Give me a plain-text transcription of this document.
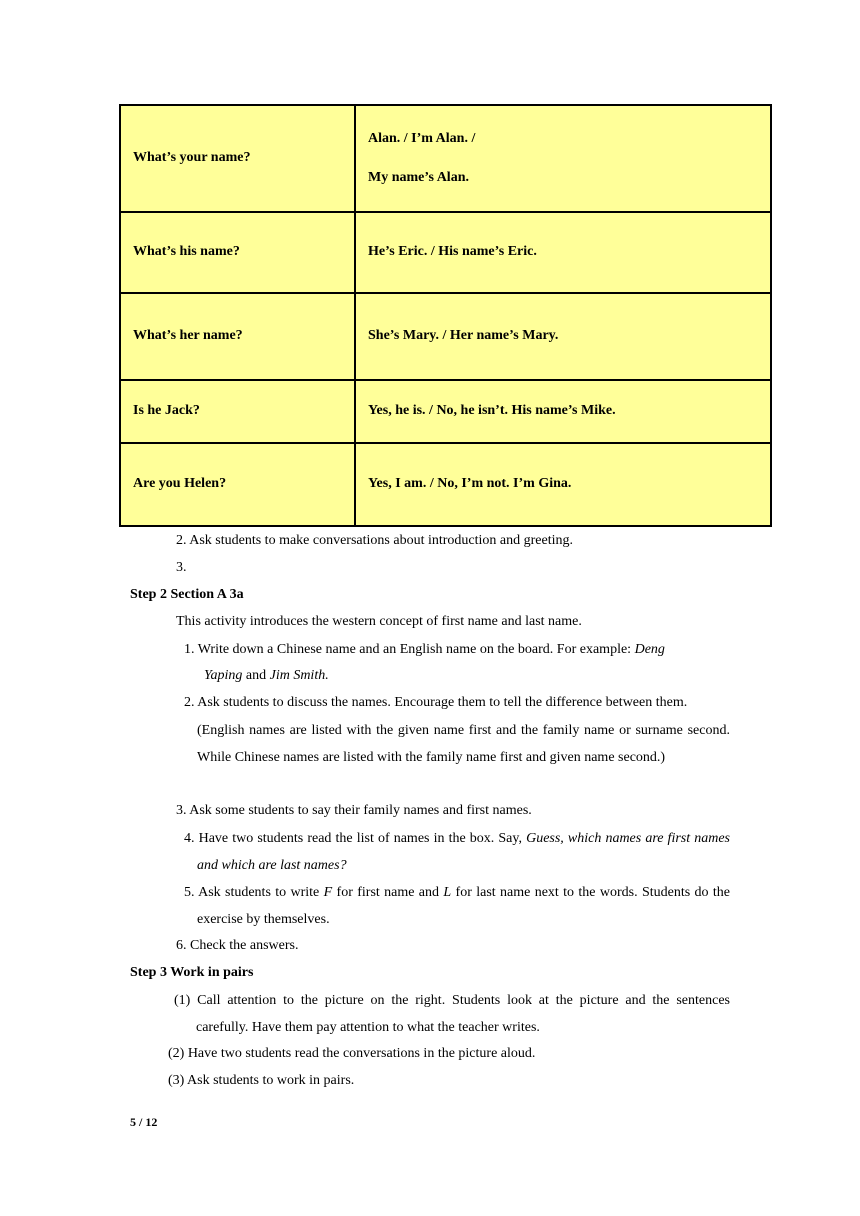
What’s your name?	Alan. / I’m Alan. /
My name’s Alan.

What’s his name?	He’s Eric. / His name’s Eric.
What’s her name?	She’s Mary. / Her name’s Mary.
Is he Jack?	Yes, he is. / No, he isn’t. His name’s Mike.
Are you Helen?	Yes, I am. / No, I’m not. I’m Gina.
2. Ask students to make conversations about introduction and greeting.
3.
Step 2 Section A 3a
This activity introduces the western concept of first name and last name.
1. Write down a Chinese name and an English name on the board. For example: Deng
Yaping and Jim Smith.
2. Ask students to discuss the names. Encourage them to tell the difference between them.
(English names are listed with the given name first and the family name or surname second. While Chinese names are listed with the family name first and given name second.)
3. Ask some students to say their family names and first names.
4. Have two students read the list of names in the box. Say, Guess, which names are first names and which are last names?
5. Ask students to write F for first name and L for last name next to the words. Students do the exercise by themselves.
6. Check the answers.
Step 3 Work in pairs
(1) Call attention to the picture on the right. Students look at the picture and the sentences carefully. Have them pay attention to what the teacher writes.
(2) Have two students read the conversations in the picture aloud.
(3) Ask students to work in pairs.
5 / 12
